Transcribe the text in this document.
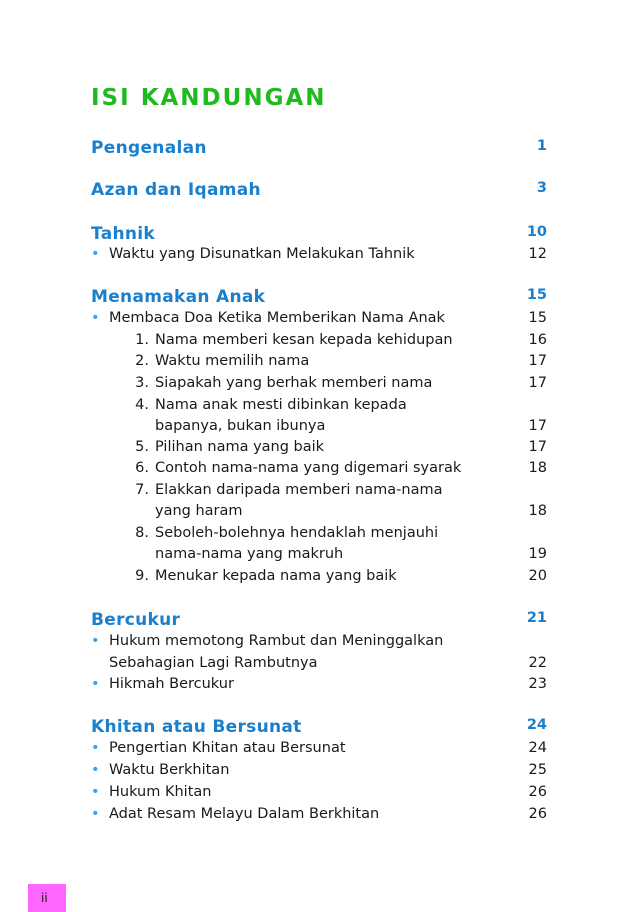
ISI KANDUNGAN
Pengenalan	1
Azan dan Iqamah	3
Tahnik	10
• Waktu yang Disunatkan Melakukan Tahnik	12
Menamakan Anak	15
• Membaca Doa Ketika Memberikan Nama Anak	15
1. Nama memberi kesan kepada kehidupan	16
2. Waktu memilih nama	17
3. Siapakah yang berhak memberi nama	17
4. Nama anak mesti dibinkan kepada
bapanya, bukan ibunya	17
5. Pilihan nama yang baik	17
6. Contoh nama-nama yang digemari syarak	18
7. Elakkan daripada memberi nama-nama
yang haram	18
8. Seboleh-bolehnya hendaklah menjauhi
nama-nama yang makruh	19
9. Menukar kepada nama yang baik	20
Bercukur	21
• Hukum memotong Rambut dan Meninggalkan
Sebahagian Lagi Rambutnya	22
• Hikmah Bercukur	23
Khitan atau Bersunat	24
• Pengertian Khitan atau Bersunat	24
• Waktu Berkhitan	25
• Hukum Khitan	26
• Adat Resam Melayu Dalam Berkhitan	26
ii
